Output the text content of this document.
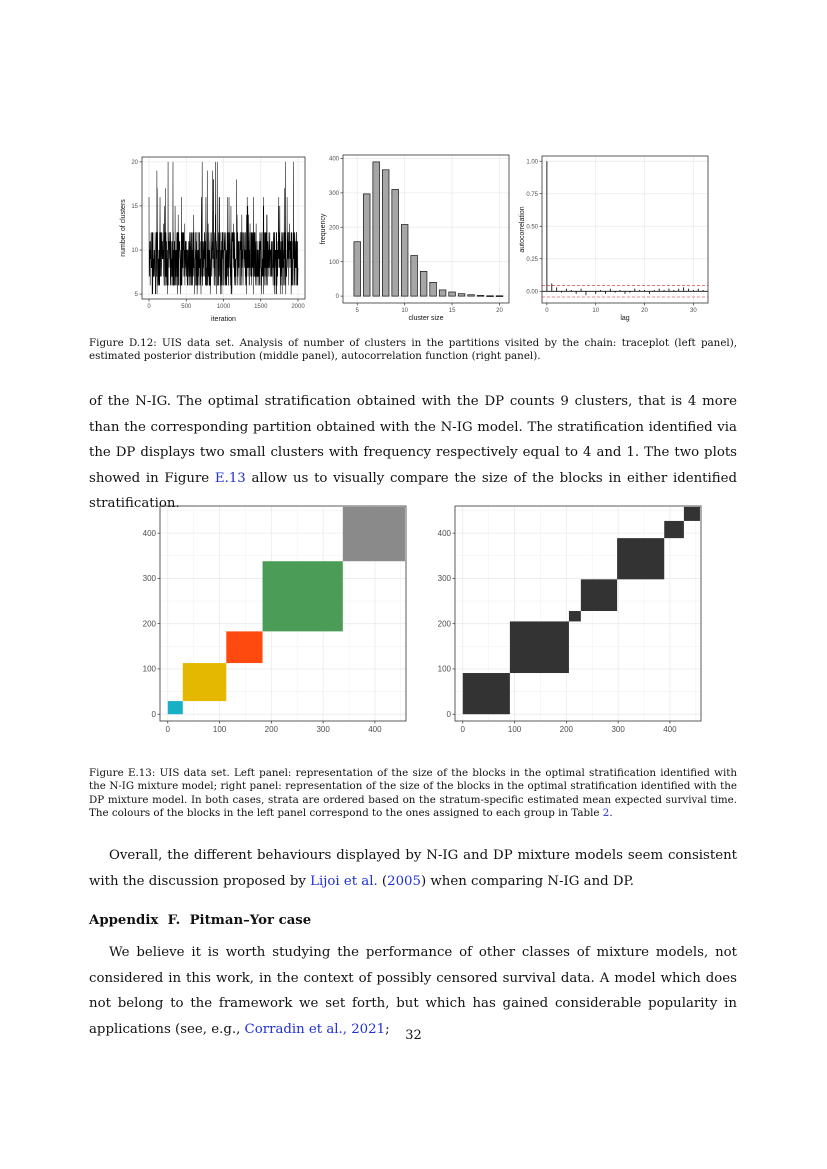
0	500	1000	1500	2000
5
10
15
20
iteration
number of clusters
5	10	15	20
0
100
200
300
400
cluster size
frequency
0	10	20	30
0.00
0.25
0.50
0.75
1.00
lag
autocorrelation
Figure D.12: UIS data set. Analysis of number of clusters in the partitions visited by the chain: traceplot (left panel), estimated posterior distribution (middle panel), autocorrelation function (right panel).
of the N-IG. The optimal stratification obtained with the DP counts 9 clusters, that is 4 more than the corresponding partition obtained with the N-IG model. The stratification identified via the DP displays two small clusters with frequency respectively equal to 4 and 1. The two plots showed in Figure E.13 allow us to visually compare the size of the blocks in either identified stratification.
0	100	200	300	400
0
100
200
300
400
0	100	200	300	400
0
100
200
300
400
Figure E.13: UIS data set. Left panel: representation of the size of the blocks in the optimal stratification identified with the N-IG mixture model; right panel: representation of the size of the blocks in the optimal stratification identified with the DP mixture model. In both cases, strata are ordered based on the stratum-specific estimated mean expected survival time. The colours of the blocks in the left panel correspond to the ones assigned to each group in Table 2.
Overall, the different behaviours displayed by N-IG and DP mixture models seem consistent with the discussion proposed by Lijoi et al. (2005) when comparing N-IG and DP.
Appendix  F.  Pitman–Yor case
We believe it is worth studying the performance of other classes of mixture models, not considered in this work, in the context of possibly censored survival data. A model which does not belong to the framework we set forth, but which has gained considerable popularity in applications (see, e.g., Corradin et al., 2021;	32
